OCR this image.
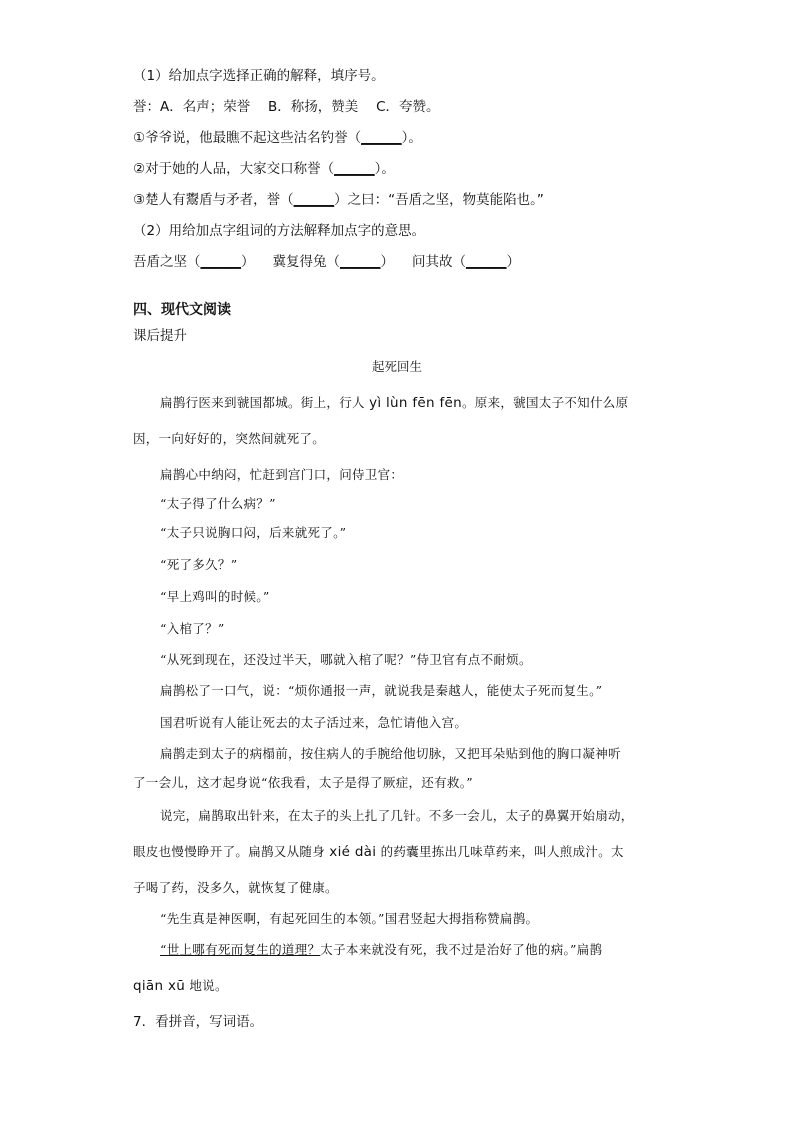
（1）给加点字选择正确的解释，填序号。
誉：A．名声；荣誉　 B．称扬，赞美　 C．夸赞。
①爷爷说，他最瞧不起这些沽名钓誉（______）。
②对于她的人品，大家交口称誉（______）。
③楚人有鬻盾与矛者，誉（______）之曰：“吾盾之坚，物莫能陷也。”
（2）用给加点字组词的方法解释加点字的意思。
吾盾之坚（______） 冀复得兔（______） 问其故（______）
四、现代文阅读
课后提升
起死回生
扁鹊行医来到虢国都城。街上，行人 yì lùn fēn fēn。原来，虢国太子不知什么原
因，一向好好的，突然间就死了。
扁鹊心中纳闷，忙赶到宫门口，问侍卫官：
“太子得了什么病？”
“太子只说胸口闷，后来就死了。”
“死了多久？”
“早上鸡叫的时候。”
“入棺了？”
“从死到现在，还没过半天，哪就入棺了呢？”侍卫官有点不耐烦。
扁鹊松了一口气，说：“烦你通报一声，就说我是秦越人，能使太子死而复生。”
国君听说有人能让死去的太子活过来，急忙请他入宫。
扁鹊走到太子的病榻前，按住病人的手腕给他切脉，又把耳朵贴到他的胸口凝神听
了一会儿，这才起身说“依我看，太子是得了厥症，还有救。”
说完，扁鹊取出针来，在太子的头上扎了几针。不多一会儿，太子的鼻翼开始扇动，
眼皮也慢慢睁开了。扁鹊又从随身 xié dài 的药囊里拣出几味草药来，叫人煎成汁。太
子喝了药，没多久，就恢复了健康。
“先生真是神医啊，有起死回生的本领。”国君竖起大拇指称赞扁鹊。
“世上哪有死而复生的道理？太子本来就没有死，我不过是治好了他的病。”扁鹊
qiān xū 地说。
7．看拼音，写词语。
